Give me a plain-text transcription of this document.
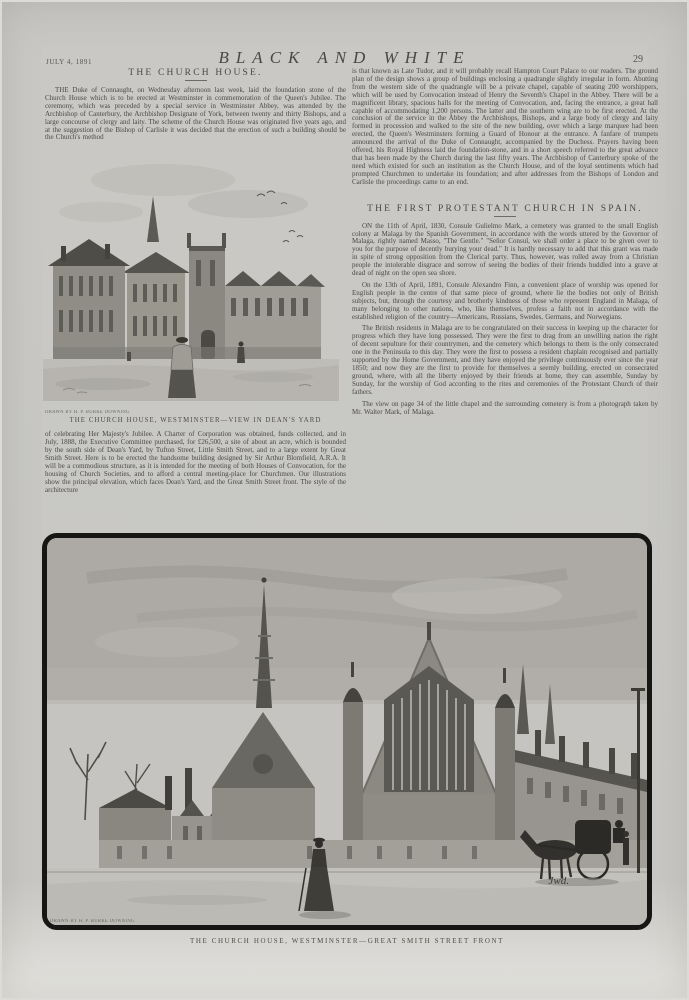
JULY 4, 1891	BLACK AND WHITE	29
THE CHURCH HOUSE.

THE Duke of Connaught, on Wednesday afternoon last week, laid the foundation stone of the Church House which is to be erected at Westminster in commemoration of the Queen's Jubilee. The ceremony, which was preceded by a special service in Westminster Abbey, was attended by the Archbishop of Canterbury, the Archbishop Designate of York, between twenty and thirty Bishops, and a large concourse of clergy and laity. The scheme of the Church House was originated five years ago, and at the suggestion of the Bishop of Carlisle it was decided that the erection of such a building should be the Church's method

DRAWN BY H. P. BURKE DOWNING

THE CHURCH HOUSE, WESTMINSTER—VIEW IN DEAN'S YARD

of celebrating Her Majesty's Jubilee. A Charter of Corporation was obtained, funds collected, and in July, 1888, the Executive Committee purchased, for £26,500, a site of about an acre, which is bounded by the south side of Dean's Yard, by Tufton Street, Little Smith Street, and to a large extent by Great Smith Street. Here is to be erected the handsome building designed by Sir Arthur Blomfield, A.R.A. It will be a commodious structure, as it is intended for the meeting of both Houses of Convocation, for the housing of Church Societies, and to afford a central meeting-place for Churchmen. Our illustrations show the principal elevation, which faces Dean's Yard, and the Great Smith Street front. The style of the architecture

is that known as Late Tudor, and it will probably recall Hampton Court Palace to our readers. The ground plan of the design shows a group of buildings enclosing a quadrangle slightly irregular in form. Abutting from the western side of the quadrangle will be a private chapel, capable of seating 200 worshippers, which will be used by Convocation instead of Henry the Seventh's Chapel in the Abbey. There will be a magnificent library, spacious halls for the meeting of Convocation, and, facing the entrance, a great hall capable of accommodating 1,200 persons. The latter and the southern wing are to be first erected. At the conclusion of the service in the Abbey the Archbishops, Bishops, and a large body of clergy and laity formed in procession and walked to the site of the new building, over which a large marquee had been erected, the Queen's Westminsters forming a Guard of Honour at the entrance. A fanfare of trumpets announced the arrival of the Duke of Connaught, accompanied by the Duchess. Prayers having been offered, his Royal Highness laid the foundation-stone, and in a short speech referred to the great advance that has been made by the Church during the last fifty years. The Archbishop of Canterbury spoke of the need which existed for such an institution as the Church House, and of the loyal sentiments which had prompted Churchmen to undertake its foundation; and after addresses from the Bishops of London and Carlisle the proceedings came to an end.

THE FIRST PROTESTANT CHURCH IN SPAIN.

ON the 11th of April, 1830, Consule Gulielmo Mark, a cemetery was granted to the small English colony at Malaga by the Spanish Government, in accordance with the words uttered by the Governor of Malaga, rightly named Masso, "The Gentle." "Señor Consul, we shall order a place to be given over to you for the purpose of decently burying your dead." It is hardly necessary to add that this grant was made in spite of strong opposition from the Clerical party. Thus, however, was rolled away from a Christian people the intolerable disgrace and sorrow of seeing the bodies of their friends huddled into a grave at dead of night on the open sea shore.

On the 13th of April, 1891, Consule Alexandro Finn, a convenient place of worship was opened for English people in the centre of that same piece of ground, where lie the bodies not only of British subjects, but, through the courtesy and brotherly kindness of those who represent England in Malaga, of many belonging to other nations, who, like themselves, profess a faith not in accordance with the established religion of the country—Americans, Russians, Swedes, Germans, and Norwegians.

The British residents in Malaga are to be congratulated on their success in keeping up the character for progress which they have long possessed. They were the first to drag from an unwilling nation the right of decent sepulture for their countrymen, and the cemetery which belongs to them is the only consecrated one in the Peninsula to this day. They were the first to possess a resident chaplain recognised and partially supported by the Home Government, and they have enjoyed the privilege continuously ever since the year 1850; and now they are the first to provide for themselves a seemly building, erected on consecrated ground, where, with all the liberty enjoyed by their friends at home, they can assemble, Sunday by Sunday, for the worship of God according to the rites and ceremonies of the Protestant Church of their fathers.

The view on page 34 of the little chapel and the surrounding cemetery is from a photograph taken by Mr. Walter Mark, of Malaga.

Jwd.
DRAWN BY H. P. BURKE DOWNING

THE CHURCH HOUSE, WESTMINSTER—GREAT SMITH STREET FRONT
